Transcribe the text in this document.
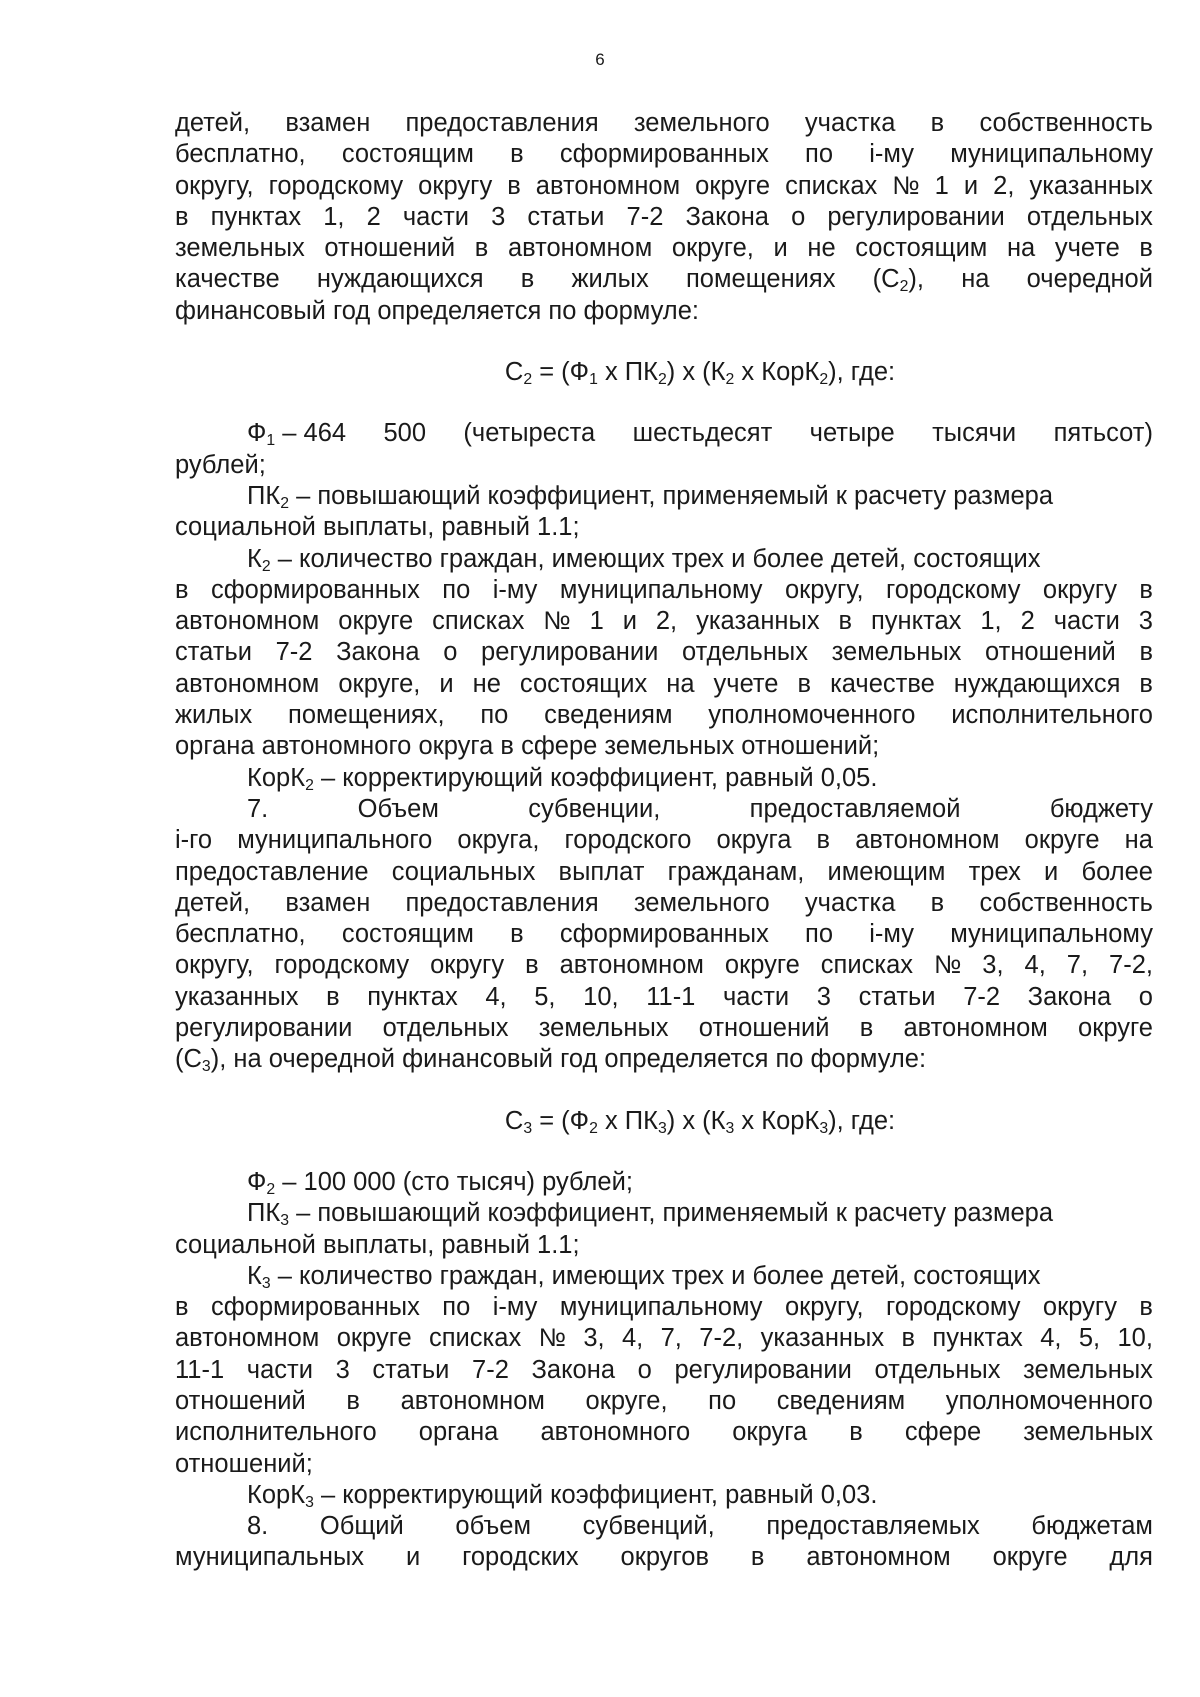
6
детей, взамен предоставления земельного участка в собственность
бесплатно, состоящим в сформированных по i-му муниципальному
округу, городскому округу в автономном округе списках № 1 и 2, указанных
в пунктах 1, 2 части 3 статьи 7-2 Закона о регулировании отдельных
земельных отношений в автономном округе, и не состоящим на учете в
качестве нуждающихся в жилых помещениях $(С_2)$, на очередной
финансовый год определяется по формуле:
$С_2 = (Ф_1$ х $ПК_2$) х ($К_2$ х КорК$_2$), где:
$Ф_1 - 464$ 500 (четыреста шестьдесят четыре тысячи пятьсот)
рублей;
$ПК_2$ – повышающий коэффициент, применяемый к расчету размера
социальной выплаты, равный 1.1;
$К_2$ – количество граждан, имеющих трех и более детей, состоящих
в сформированных по i-му муниципальному округу, городскому округу в
автономном округе списках № 1 и 2, указанных в пунктах 1, 2 части 3
статьи 7-2 Закона о регулировании отдельных земельных отношений в
автономном округе, и не состоящих на учете в качестве нуждающихся в
жилых помещениях, по сведениям уполномоченного исполнительного
органа автономного округа в сфере земельных отношений;
КорК$_2$ – корректирующий коэффициент, равный 0,05.
7.	Объем	субвенции,	предоставляемой	бюджету
i-го муниципального округа, городского округа в автономном округе на
предоставление социальных выплат гражданам, имеющим трех и более
детей, взамен предоставления земельного участка в собственность
бесплатно, состоящим в сформированных по i-му муниципальному
округу, городскому округу в автономном округе списках № 3, 4, 7, 7-2,
указанных в пунктах 4, 5, 10, 11-1 части 3 статьи 7-2 Закона о
регулировании отдельных земельных отношений в автономном округе
$(С_3)$, на очередной финансовый год определяется по формуле:
$С_3 = (Ф_2$ х $ПК_3$) х ($К_3$ х КорК$_3$), где:
$Ф_2 - 100$ 000 (сто тысяч) рублей;
$ПК_3$ – повышающий коэффициент, применяемый к расчету размера
социальной выплаты, равный 1.1;
$К_3$ – количество граждан, имеющих трех и более детей, состоящих
в сформированных по i-му муниципальному округу, городскому округу в
автономном округе списках № 3, 4, 7, 7-2, указанных в пунктах 4, 5, 10,
11-1 части 3 статьи 7-2 Закона о регулировании отдельных земельных
отношений в автономном округе, по сведениям уполномоченного
исполнительного органа автономного округа в сфере земельных
отношений;
КорК$_3$ – корректирующий коэффициент, равный 0,03.
8. Общий объем субвенций, предоставляемых бюджетам
муниципальных и городских округов в автономном округе для
